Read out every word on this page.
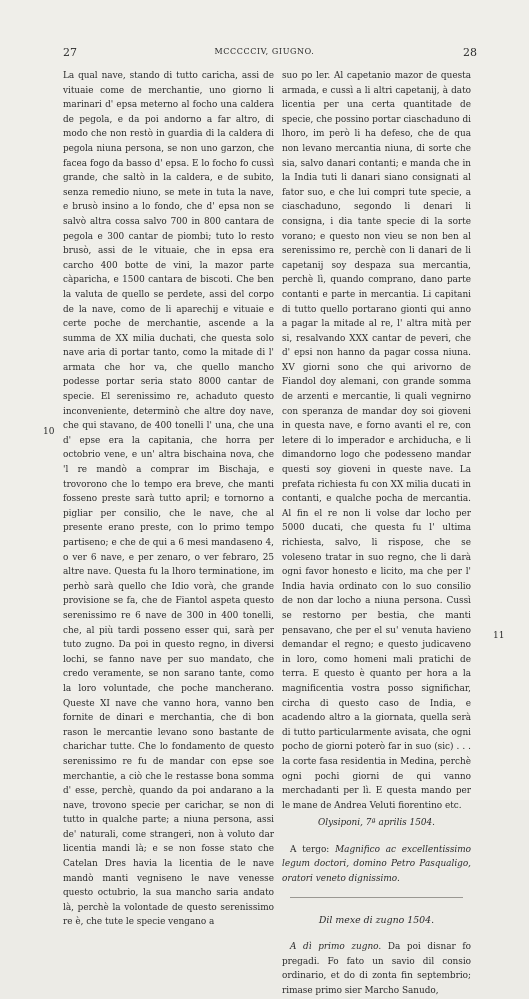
27	MCCCCCIV, GIUGNO.	28
10
11

La qual nave, stando di tutto caricha, assi de vituaie come de merchantie, uno giorno li marinari d' epsa meterno al focho una caldera de pegola, e da poi andorno a far altro, di modo che non restò in guardia di la caldera di pegola niuna persona, se non uno garzon, che facea fogo da basso d' epsa. E lo focho fo cussì grande, che saltò in la caldera, e de subito, senza remedio niuno, se mete in tuta la nave, e brusò insino a lo fondo, che d' epsa non se salvò altra cossa salvo 700 in 800 cantara de pegola e 300 cantar de piombi; tuto lo resto brusò, assi de le vituaie, che in epsa era carcho 400 botte de vini, la mazor parte càparicha, e 1500 cantara de biscoti. Che ben la valuta de quello se perdete, assi del corpo de la nave, como de li aparechij e vituaie e certe poche de merchantie, ascende a la summa de XX milia duchati, che questa solo nave aria di portar tanto, como la mitade di l' armata che hor va, che quello mancho podesse portar seria stato 8000 cantar de specie. El serenissimo re, achaduto questo inconveniente, determinò che altre doy nave, che qui stavano, de 400 tonelli l' una, che una d' epse era la capitania, che horra per octobrio vene, e un' altra bischaina nova, che 'l re mandò a comprar im Bischaja, e trovorono che lo tempo era breve, che manti fosseno preste sarà tutto april; e tornorno a pigliar per consilio, che le nave, che al presente erano preste, con lo primo tempo partiseno; e che de qui a 6 mesi mandaseno 4, o ver 6 nave, e per zenaro, o ver febraro, 25 altre nave. Questa fu la lhoro terminatione, im perhò sarà quello che Idio vorà, che grande provisione se fa, che de Fiantol aspeta questo serenissimo re 6 nave de 300 in 400 tonelli, che, al più tardi posseno esser qui, sarà per tuto zugno. Da poi in questo regno, in diversi lochi, se fanno nave per suo mandato, che credo veramente, se non sarano tante, como la loro voluntade, che poche mancherano. Queste XI nave che vanno hora, vanno ben fornite de dinari e merchantia, che di bon rason le mercantie levano sono bastante de charichar tutte. Che lo fondamento de questo serenissimo re fu de mandar con epse soe merchantie, a ciò che le restasse bona somma d' esse, perchè, quando da poi andarano a la nave, trovono specie per carichar, se non di tutto in qualche parte; a niuna persona, assi de' naturali, come strangeri, non à voluto dar licentia mandi là; e se non fosse stato che Catelan Dres havia la licentia de le nave mandò manti vegniseno le nave venesse questo octubrio, la sua mancho saria andato là, perchè la volontade de questo serenissimo re è, che tute le specie vengano a

suo po ler. Al capetanio mazor de questa armada, e cussì a li altri capetanij, à dato licentia per una certa quantitade de specie, che possino portar ciaschaduno di lhoro, im però li ha defeso, che de qua non levano mercantia niuna, di sorte che sia, salvo danari contanti; e manda che in la India tuti li danari siano consignati al fator suo, e che lui compri tute specie, a ciaschaduno, segondo li denari li consigna, i dia tante specie di la sorte vorano; e questo non vieu se non ben al serenissimo re, perchè con li danari de li capetanij soy despaza sua mercantia, perchè lì, quando comprano, dano parte contanti e parte in mercantia. Li capitani di tutto quello portarano gionti qui anno a pagar la mitade al re, l' altra mità per si, resalvando XXX cantar de peveri, che d' epsi non hanno da pagar cossa niuna. XV giorni sono che qui arivorno de Fiandol doy alemani, con grande somma de arzenti e mercantie, li quali vegnirno con speranza de mandar doy soi gioveni in questa nave, e forno avanti el re, con letere di lo imperador e archiducha, e li dimandorno logo che podesseno mandar questi soy gioveni in queste nave. La prefata richiesta fu con XX milia ducati in contanti, e qualche pocha de mercantia. Al fin el re non li volse dar locho per 5000 ducati, che questa fu l' ultima richiesta, salvo, li rispose, che se voleseno tratar in suo regno, che li darà ogni favor honesto e licito, ma che per l' India havia ordinato con lo suo consilio de non dar locho a niuna persona. Cussì se restorno per bestia, che manti pensavano, che per el su' venuta havieno demandar el regno; e questo judicaveno in loro, como homeni mali pratichi de terra. E questo è quanto per hora a la magnificentia vostra posso significhar, circha di questo caso de India, e acadendo altro a la giornata, quella serà di tutto particularmente avisata, che ogni pocho de giorni poterò far in suo (sic) . . . la corte fasa residentia in Medina, perchè ogni pochi giorni de qui vanno merchadanti per lì. E questa mando per le mane de Andrea Veluti fiorentino etc.

Olysiponi, 7ª aprilis 1504.

A tergo: Magnifico ac excellentissimo legum doctori, domino Petro Pasqualigo, oratori veneto dignissimo.

Dil mexe di zugno 1504.

A dì primo zugno. Da poi disnar fo pregadi. Fo fato un savio dil consio ordinario, et do di zonta fin septembrio; rimase primo sier Marcho Sanudo,
